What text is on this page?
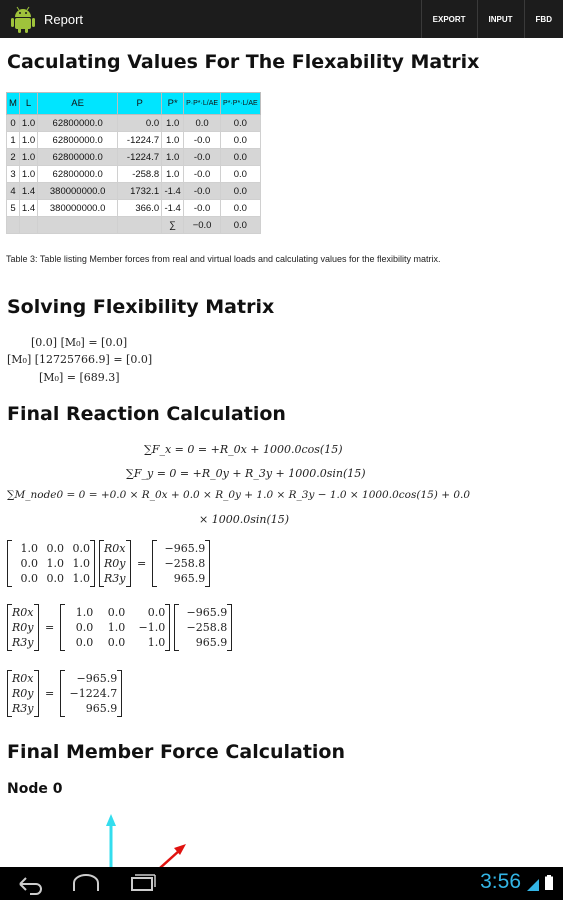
Report	EXPORT	INPUT	FBD
Caculating Values For The Flexability Matrix
M	L	AE	P	P*	P·P*·L/AE	P*·P*·L/AE
0	1.0	62800000.0	0.0	1.0	0.0	0.0
1	1.0	62800000.0	-1224.7	1.0	-0.0	0.0
2	1.0	62800000.0	-1224.7	1.0	-0.0	0.0
3	1.0	62800000.0	-258.8	1.0	-0.0	0.0
4	1.4	380000000.0	1732.1	-1.4	-0.0	0.0
5	1.4	380000000.0	366.0	-1.4	-0.0	0.0
				∑	−0.0	0.0
Table 3: Table listing Member forces from real and virtual loads and calculating values for the flexibility matrix.
Solving Flexibility Matrix
[0.0] [M₀] = [0.0]
[M₀] [12725766.9] = [0.0]
[M₀] = [689.3]
Final Reaction Calculation
∑F_x = 0 = +R_0x + 1000.0cos(15)
∑F_y = 0 = +R_0y + R_3y + 1000.0sin(15)
∑M_node0 = 0 = +0.0 × R_0x + 0.0 × R_0y + 1.0 × R_3y − 1.0 × 1000.0cos(15) + 0.0
× 1000.0sin(15)
1.0 0.0 0.0
0.0 1.0 1.0
0.0 0.0 1.0
R0x
R0y
R3y
=
−965.9
−258.8
965.9
R0x
R0y
R3y
=
1.0	0.0	0.0
0.0	1.0	−1.0
0.0	0.0	1.0
−965.9
−258.8
965.9
R0x
R0y
R3y
=
−965.9
−1224.7
965.9
Final Member Force Calculation
Node 0
3:56
